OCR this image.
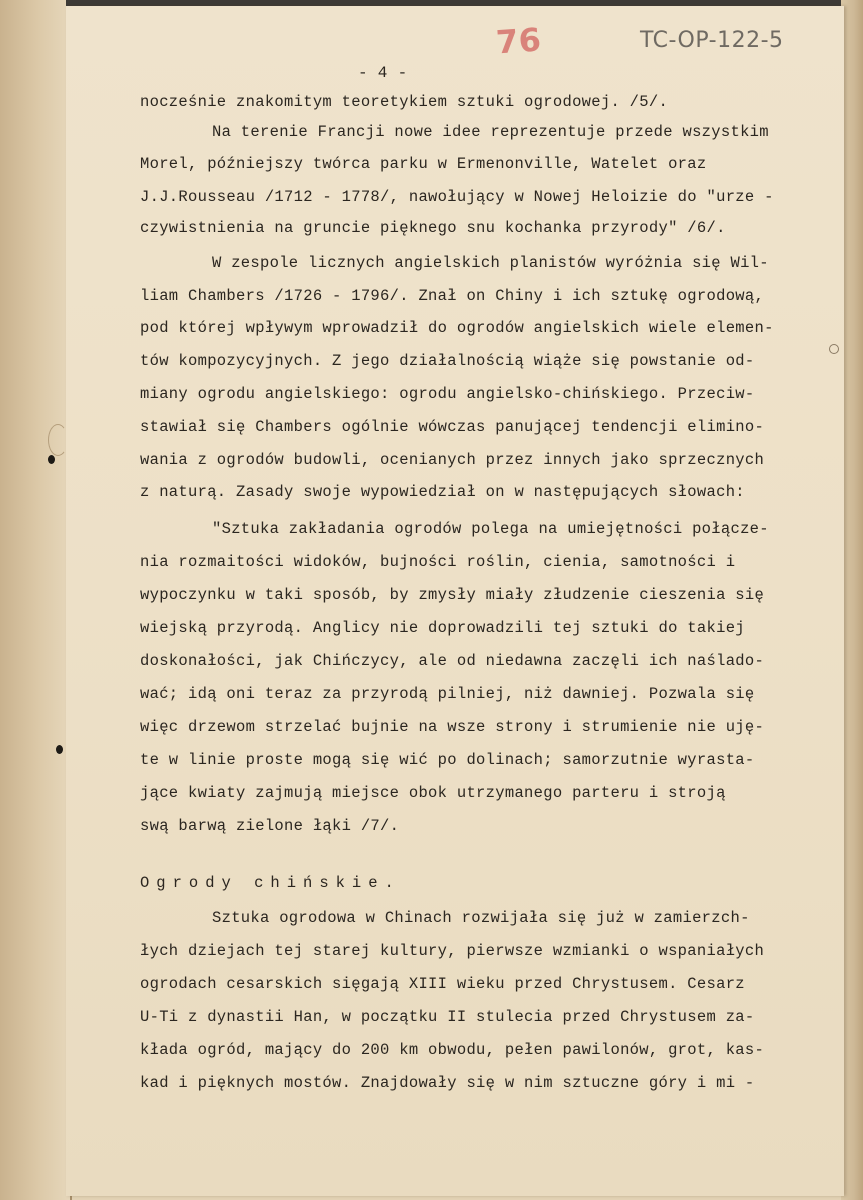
76	TC-OP-122-5
- 4 -
nocześnie znakomitym teoretykiem sztuki ogrodowej. /5/.
Na terenie Francji nowe idee reprezentuje przede wszystkim
Morel, późniejszy twórca parku w Ermenonville, Watelet oraz
J.J.Rousseau /1712 - 1778/, nawołujący w Nowej Heloizie do "urze -
czywistnienia na gruncie pięknego snu kochanka przyrody" /6/.
W zespole licznych angielskich planistów wyróżnia się Wil-
liam Chambers /1726 - 1796/. Znał on Chiny i ich sztukę ogrodową,
pod której wpływym wprowadził do ogrodów angielskich wiele elemen-
tów kompozycyjnych. Z jego działalnością wiąże się powstanie od-
miany ogrodu angielskiego: ogrodu angielsko-chińskiego. Przeciw-
stawiał się Chambers ogólnie wówczas panującej tendencji elimino-
wania z ogrodów budowli, ocenianych przez innych jako sprzecznych
z naturą. Zasady swoje wypowiedział on w następujących słowach:
"Sztuka zakładania ogrodów polega na umiejętności połącze-
nia rozmaitości widoków, bujności roślin, cienia, samotności i
wypoczynku w taki sposób, by zmysły miały złudzenie cieszenia się
wiejską przyrodą. Anglicy nie doprowadzili tej sztuki do takiej
doskonałości, jak Chińczycy, ale od niedawna zaczęli ich naślado-
wać; idą oni teraz za przyrodą pilniej, niż dawniej. Pozwala się
więc drzewom strzelać bujnie na wsze strony i strumienie nie uję-
te w linie proste mogą się wić po dolinach; samorzutnie wyrasta-
jące kwiaty zajmują miejsce obok utrzymanego parteru i stroją
swą barwą zielone łąki /7/.
Ogrody chińskie.
Sztuka ogrodowa w Chinach rozwijała się już w zamierzch-
łych dziejach tej starej kultury, pierwsze wzmianki o wspaniałych
ogrodach cesarskich sięgają XIII wieku przed Chrystusem. Cesarz
U-Ti z dynastii Han, w początku II stulecia przed Chrystusem za-
kłada ogród, mający do 200 km obwodu, pełen pawilonów, grot, kas-
kad i pięknych mostów. Znajdowały się w nim sztuczne góry i mi -
